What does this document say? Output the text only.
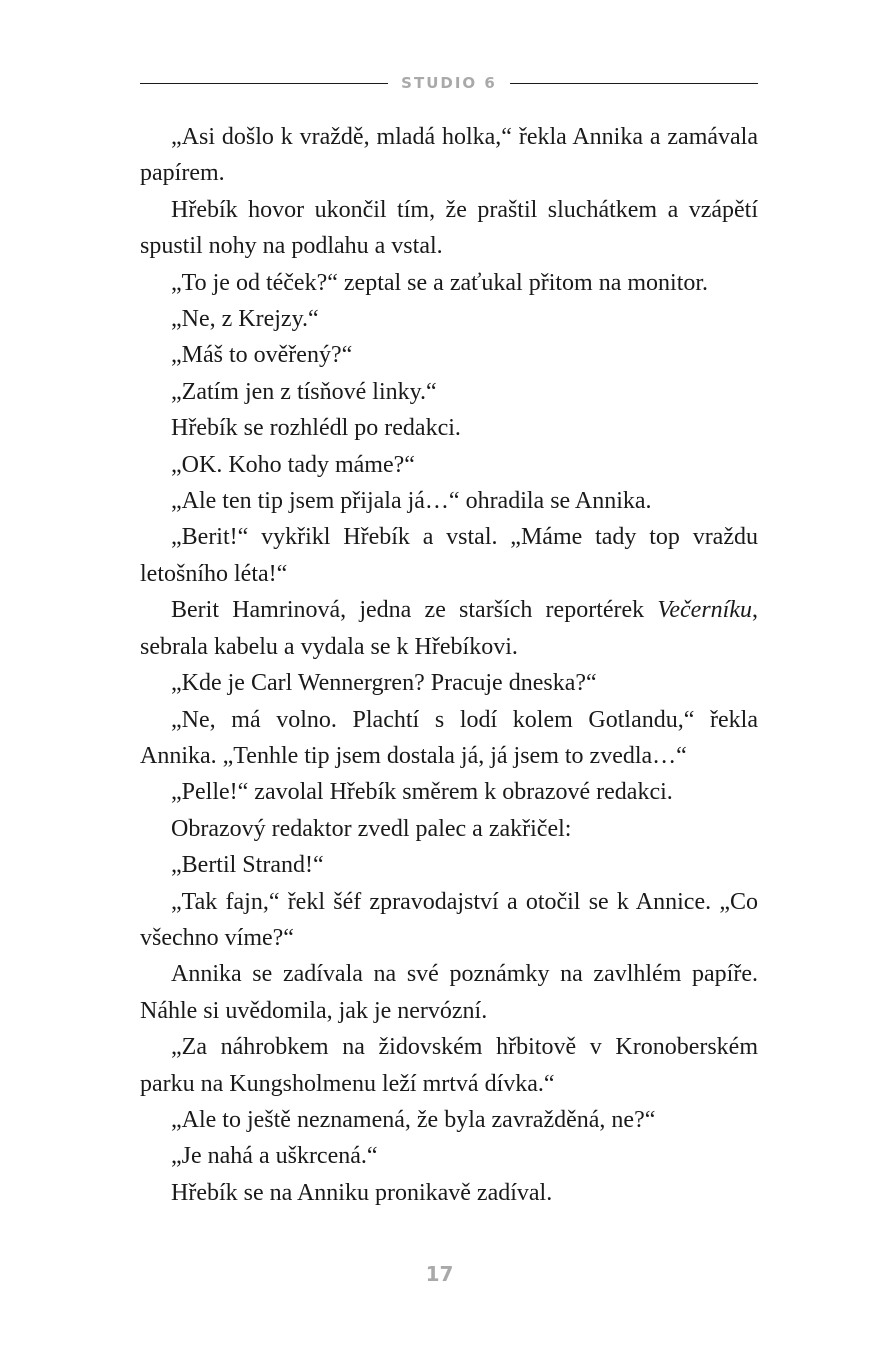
STUDIO 6

„Asi došlo k vraždě, mladá holka,“ řekla Annika a zamávala papírem.

Hřebík hovor ukončil tím, že praštil sluchátkem a vzápětí spustil nohy na podlahu a vstal.

„To je od téček?“ zeptal se a zaťukal přitom na monitor.

„Ne, z Krejzy.“

„Máš to ověřený?“

„Zatím jen z tísňové linky.“

Hřebík se rozhlédl po redakci.

„OK. Koho tady máme?“

„Ale ten tip jsem přijala já…“ ohradila se Annika.

„Berit!“ vykřikl Hřebík a vstal. „Máme tady top vraždu letošního léta!“

Berit Hamrinová, jedna ze starších reportérek Večerníku, sebrala kabelu a vydala se k Hřebíkovi.

„Kde je Carl Wennergren? Pracuje dneska?“

„Ne, má volno. Plachtí s lodí kolem Gotlandu,“ řekla Annika. „Tenhle tip jsem dostala já, já jsem to zvedla…“

„Pelle!“ zavolal Hřebík směrem k obrazové redakci.

Obrazový redaktor zvedl palec a zakřičel:

„Bertil Strand!“

„Tak fajn,“ řekl šéf zpravodajství a otočil se k Annice. „Co všechno víme?“

Annika se zadívala na své poznámky na zavlhlém papíře. Náhle si uvědomila, jak je nervózní.

„Za náhrobkem na židovském hřbitově v Kronoberském parku na Kungsholmenu leží mrtvá dívka.“

„Ale to ještě neznamená, že byla zavražděná, ne?“

„Je nahá a uškrcená.“

Hřebík se na Anniku pronikavě zadíval.

17
